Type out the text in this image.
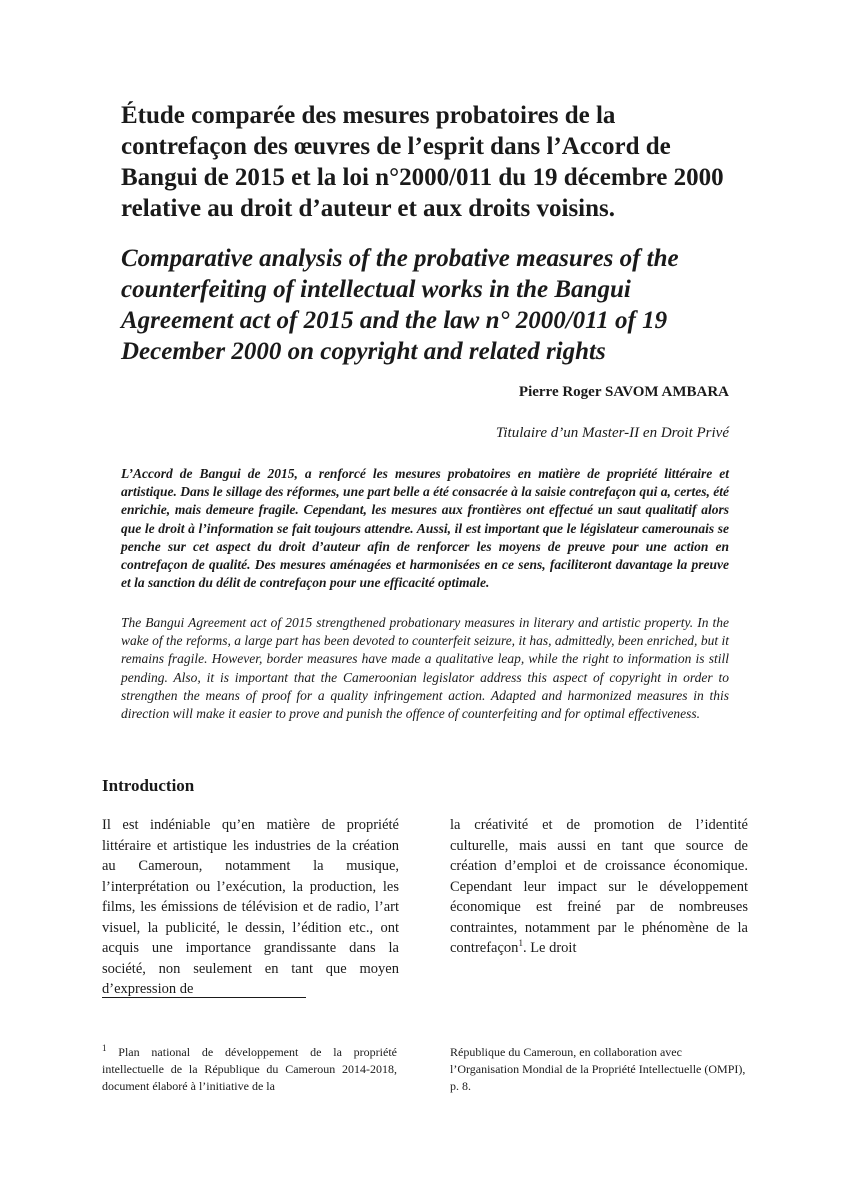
Étude comparée des mesures probatoires de la contrefaçon des œuvres de l’esprit dans l’Accord de Bangui de 2015 et la loi n°2000/011 du 19 décembre 2000 relative au droit d’auteur et aux droits voisins.
Comparative analysis of the probative measures of the counterfeiting of intellectual works in the Bangui Agreement act of 2015 and the law n° 2000/011 of 19 December 2000 on copyright and related rights

Pierre Roger SAVOM AMBARA

Titulaire d’un Master-II en Droit Privé

L’Accord de Bangui de 2015, a renforcé les mesures probatoires en matière de propriété littéraire et artistique. Dans le sillage des réformes, une part belle a été consacrée à la saisie contrefaçon qui a, certes, été enrichie, mais demeure fragile. Cependant, les mesures aux frontières ont effectué un saut qualitatif alors que le droit à l’information se fait toujours attendre. Aussi, il est important que le législateur camerounais se penche sur cet aspect du droit d’auteur afin de renforcer les moyens de preuve pour une action en contrefaçon de qualité. Des mesures aménagées et harmonisées en ce sens, faciliteront davantage la preuve et la sanction du délit de contrefaçon pour une efficacité optimale.

The Bangui Agreement act of 2015 strengthened probationary measures in literary and artistic property. In the wake of the reforms, a large part has been devoted to counterfeit seizure, it has, admittedly, been enriched, but it remains fragile. However, border measures have made a qualitative leap, while the right to information is still pending. Also, it is important that the Cameroonian legislator address this aspect of copyright in order to strengthen the means of proof for a quality infringement action. Adapted and harmonized measures in this direction will make it easier to prove and punish the offence of counterfeiting and for optimal effectiveness.

Introduction

Il est indéniable qu’en matière de propriété littéraire et artistique les industries de la création au Cameroun, notamment la musique, l’interprétation ou l’exécution, la production, les films, les émissions de télévision et de radio, l’art visuel, la publicité, le dessin, l’édition etc., ont acquis une importance grandissante dans la société, non seulement en tant que moyen d’expression de

la créativité et de promotion de l’identité culturelle, mais aussi en tant que source de création d’emploi et de croissance économique. Cependant leur impact sur le développement économique est freiné par de nombreuses contraintes, notamment par le phénomène de la contrefaçon$^1$. Le droit

$^1$ Plan national de développement de la propriété intellectuelle de la République du Cameroun 2014-2018, document élaboré à l’initiative de la

République du Cameroun, en collaboration avec l’Organisation Mondial de la Propriété Intellectuelle (OMPI), p. 8.
